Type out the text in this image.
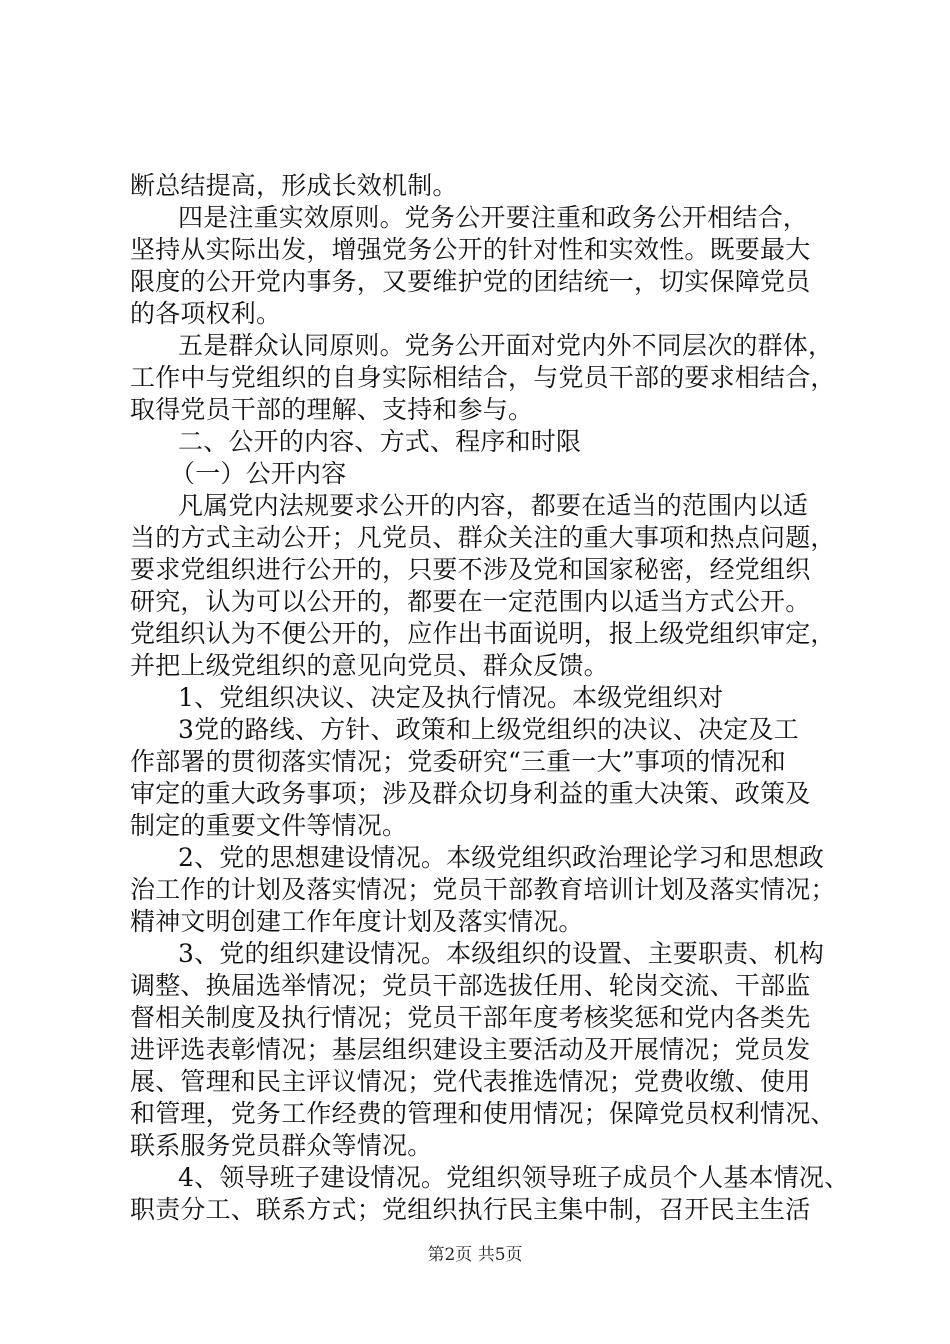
断总结提高，形成长效机制。
四是注重实效原则。党务公开要注重和政务公开相结合，
坚持从实际出发，增强党务公开的针对性和实效性。既要最大
限度的公开党内事务，又要维护党的团结统一，切实保障党员
的各项权利。
五是群众认同原则。党务公开面对党内外不同层次的群体，
工作中与党组织的自身实际相结合，与党员干部的要求相结合，
取得党员干部的理解、支持和参与。
二、公开的内容、方式、程序和时限
（一）公开内容
凡属党内法规要求公开的内容，都要在适当的范围内以适
当的方式主动公开；凡党员、群众关注的重大事项和热点问题，
要求党组织进行公开的，只要不涉及党和国家秘密，经党组织
研究，认为可以公开的，都要在一定范围内以适当方式公开。
党组织认为不便公开的，应作出书面说明，报上级党组织审定，
并把上级党组织的意见向党员、群众反馈。
1、党组织决议、决定及执行情况。本级党组织对
3党的路线、方针、政策和上级党组织的决议、决定及工
作部署的贯彻落实情况；党委研究“三重一大”事项的情况和
审定的重大政务事项；涉及群众切身利益的重大决策、政策及
制定的重要文件等情况。
2、党的思想建设情况。本级党组织政治理论学习和思想政
治工作的计划及落实情况；党员干部教育培训计划及落实情况；
精神文明创建工作年度计划及落实情况。
3、党的组织建设情况。本级组织的设置、主要职责、机构
调整、换届选举情况；党员干部选拔任用、轮岗交流、干部监
督相关制度及执行情况；党员干部年度考核奖惩和党内各类先
进评选表彰情况；基层组织建设主要活动及开展情况；党员发
展、管理和民主评议情况；党代表推选情况；党费收缴、使用
和管理，党务工作经费的管理和使用情况；保障党员权利情况、
联系服务党员群众等情况。
4、领导班子建设情况。党组织领导班子成员个人基本情况、
职责分工、联系方式；党组织执行民主集中制，召开民主生活
第2页 共5页
